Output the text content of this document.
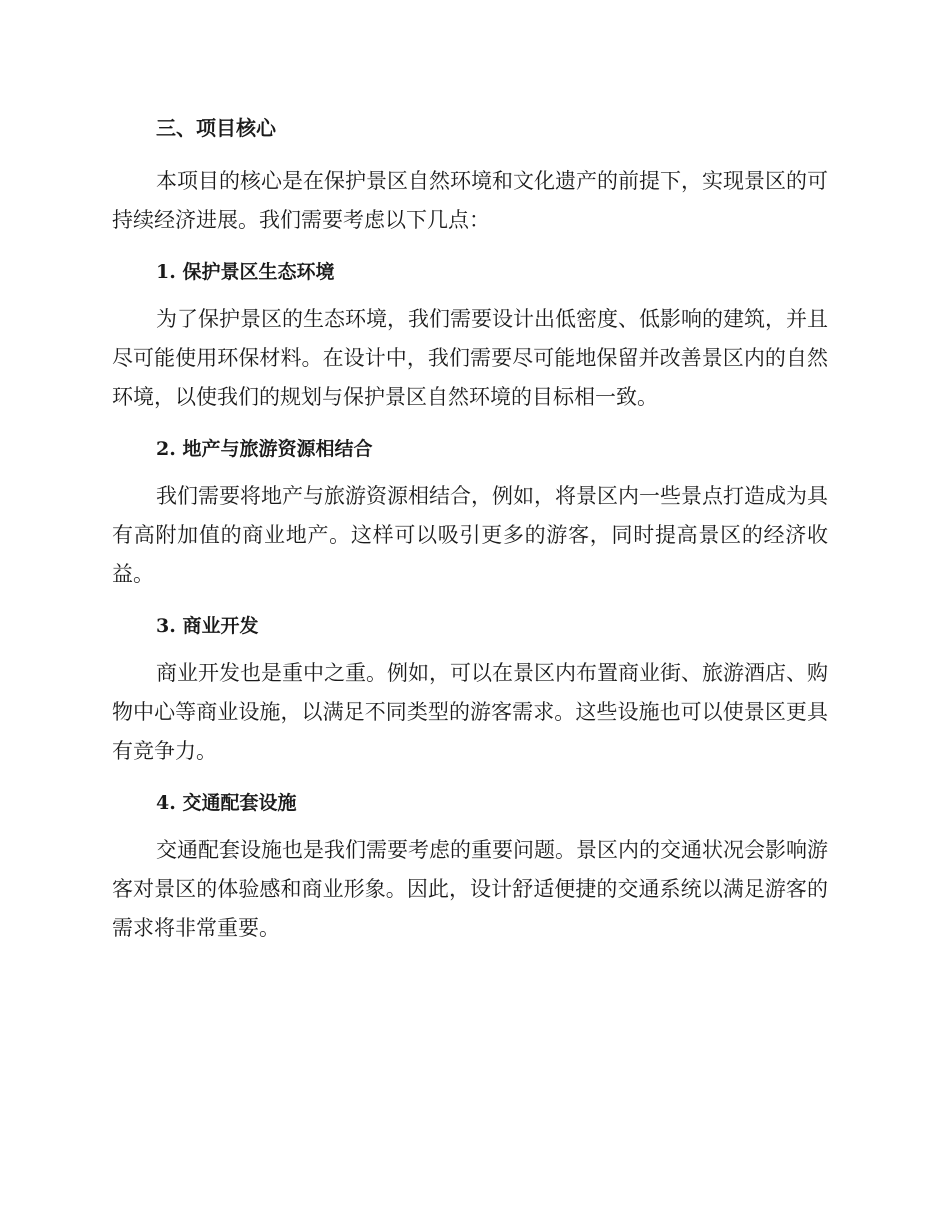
三、项目核心

本项目的核心是在保护景区自然环境和文化遗产的前提下，实现景区的可持续经济进展。我们需要考虑以下几点：

1. 保护景区生态环境

为了保护景区的生态环境，我们需要设计出低密度、低影响的建筑，并且尽可能使用环保材料。在设计中，我们需要尽可能地保留并改善景区内的自然环境，以使我们的规划与保护景区自然环境的目标相一致。

2. 地产与旅游资源相结合

我们需要将地产与旅游资源相结合，例如，将景区内一些景点打造成为具有高附加值的商业地产。这样可以吸引更多的游客，同时提高景区的经济收益。

3. 商业开发

商业开发也是重中之重。例如，可以在景区内布置商业街、旅游酒店、购物中心等商业设施，以满足不同类型的游客需求。这些设施也可以使景区更具有竞争力。

4. 交通配套设施

交通配套设施也是我们需要考虑的重要问题。景区内的交通状况会影响游客对景区的体验感和商业形象。因此，设计舒适便捷的交通系统以满足游客的需求将非常重要。
